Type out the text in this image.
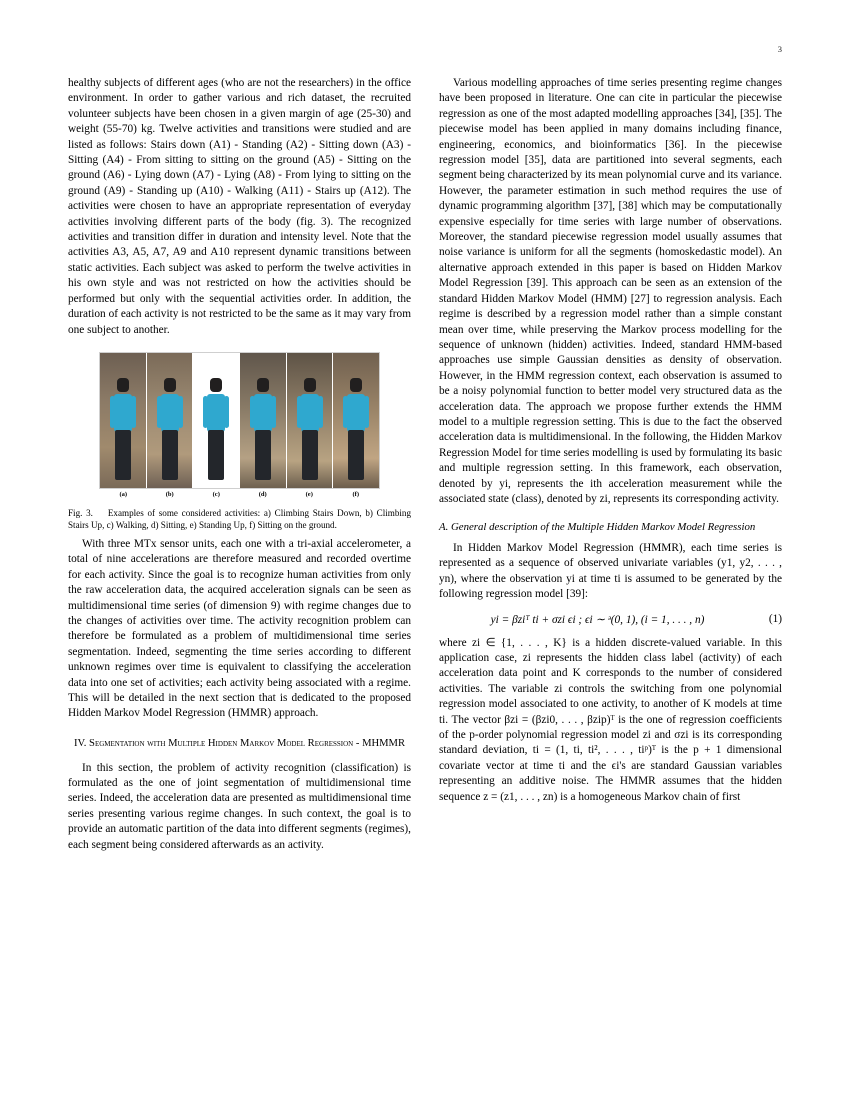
3

healthy subjects of different ages (who are not the researchers) in the office environment. In order to gather various and rich dataset, the recruited volunteer subjects have been chosen in a given margin of age (25-30) and weight (55-70) kg. Twelve activities and transitions were studied and are listed as follows: Stairs down (A1) - Standing (A2) - Sitting down (A3) - Sitting (A4) - From sitting to sitting on the ground (A5) - Sitting on the ground (A6) - Lying down (A7) - Lying (A8) - From lying to sitting on the ground (A9) - Standing up (A10) - Walking (A11) - Stairs up (A12). The activities were chosen to have an appropriate representation of everyday activities involving different parts of the body (fig. 3). The recognized activities and transition differ in duration and intensity level. Note that the activities A3, A5, A7, A9 and A10 represent dynamic transitions between static activities. Each subject was asked to perform the twelve activities in his own style and was not restricted on how the activities should be performed but only with the sequential activities order. In addition, the duration of each activity is not restricted to be the same as it may vary from one subject to another.

(a)	(b)	(c)	(d)	(e)	(f)
Fig. 3. Examples of some considered activities: a) Climbing Stairs Down, b) Climbing Stairs Up, c) Walking, d) Sitting, e) Standing Up, f) Sitting on the ground.

With three MTx sensor units, each one with a tri-axial accelerometer, a total of nine accelerations are therefore measured and recorded overtime for each activity. Since the goal is to recognize human activities from only the raw acceleration data, the acquired acceleration signals can be seen as multidimensional time series (of dimension 9) with regime changes due to the changes of activities over time. The activity recognition problem can therefore be formulated as a problem of multidimensional time series segmentation. Indeed, segmenting the time series according to different unknown regimes over time is equivalent to classifying the acceleration data into one set of activities; each activity being associated with a regime. This will be detailed in the next section that is dedicated to the proposed Hidden Markov Model Regression (HMMR) approach.

IV. Segmentation with Multiple Hidden Markov Model Regression - MHMMR

In this section, the problem of activity recognition (classification) is formulated as the one of joint segmentation of multidimensional time series. Indeed, the acceleration data are presented as multidimensional time series presenting various regime changes. In such context, the goal is to provide an automatic partition of the data into different segments (regimes), each segment being considered afterwards as an activity.

Various modelling approaches of time series presenting regime changes have been proposed in literature. One can cite in particular the piecewise regression as one of the most adapted modelling approaches [34], [35]. The piecewise model has been applied in many domains including finance, engineering, economics, and bioinformatics [36]. In the piecewise regression model [35], data are partitioned into several segments, each segment being characterized by its mean polynomial curve and its variance. However, the parameter estimation in such method requires the use of dynamic programming algorithm [37], [38] which may be computationally expensive especially for time series with large number of observations. Moreover, the standard piecewise regression model usually assumes that noise variance is uniform for all the segments (homoskedastic model). An alternative approach extended in this paper is based on Hidden Markov Model Regression [39]. This approach can be seen as an extension of the standard Hidden Markov Model (HMM) [27] to regression analysis. Each regime is described by a regression model rather than a simple constant mean over time, while preserving the Markov process modelling for the sequence of unknown (hidden) activities. Indeed, standard HMM-based approaches use simple Gaussian densities as density of observation. However, in the HMM regression context, each observation is assumed to be a noisy polynomial function to better model very structured data as the acceleration data. The approach we propose further extends the HMM model to a multiple regression setting. This is due to the fact the observed acceleration data is multidimensional. In the following, the Hidden Markov Regression Model for time series modelling is used by formulating its basic and multiple regression setting. In this framework, each observation, denoted by yi, represents the ith acceleration measurement while the associated state (class), denoted by zi, represents its corresponding activity.

A. General description of the Multiple Hidden Markov Model Regression

In Hidden Markov Model Regression (HMMR), each time series is represented as a sequence of observed univariate variables (y1, y2, . . . , yn), where the observation yi at time ti is assumed to be generated by the following regression model [39]:

yi = βziᵀ ti + σzi ϵi ; ϵi ∼ ᵊ(0, 1), (i = 1, . . . , n)	(1)

where zi ∈ {1, . . . , K} is a hidden discrete-valued variable. In this application case, zi represents the hidden class label (activity) of each acceleration data point and K corresponds to the number of considered activities. The variable zi controls the switching from one polynomial regression model associated to one activity, to another of K models at time ti. The vector βzi = (βzi0, . . . , βzip)ᵀ is the one of regression coefficients of the p-order polynomial regression model zi and σzi is its corresponding standard deviation, ti = (1, ti, ti², . . . , tiᵖ)ᵀ is the p + 1 dimensional covariate vector at time ti and the ϵi's are standard Gaussian variables representing an additive noise. The HMMR assumes that the hidden sequence z = (z1, . . . , zn) is a homogeneous Markov chain of first
